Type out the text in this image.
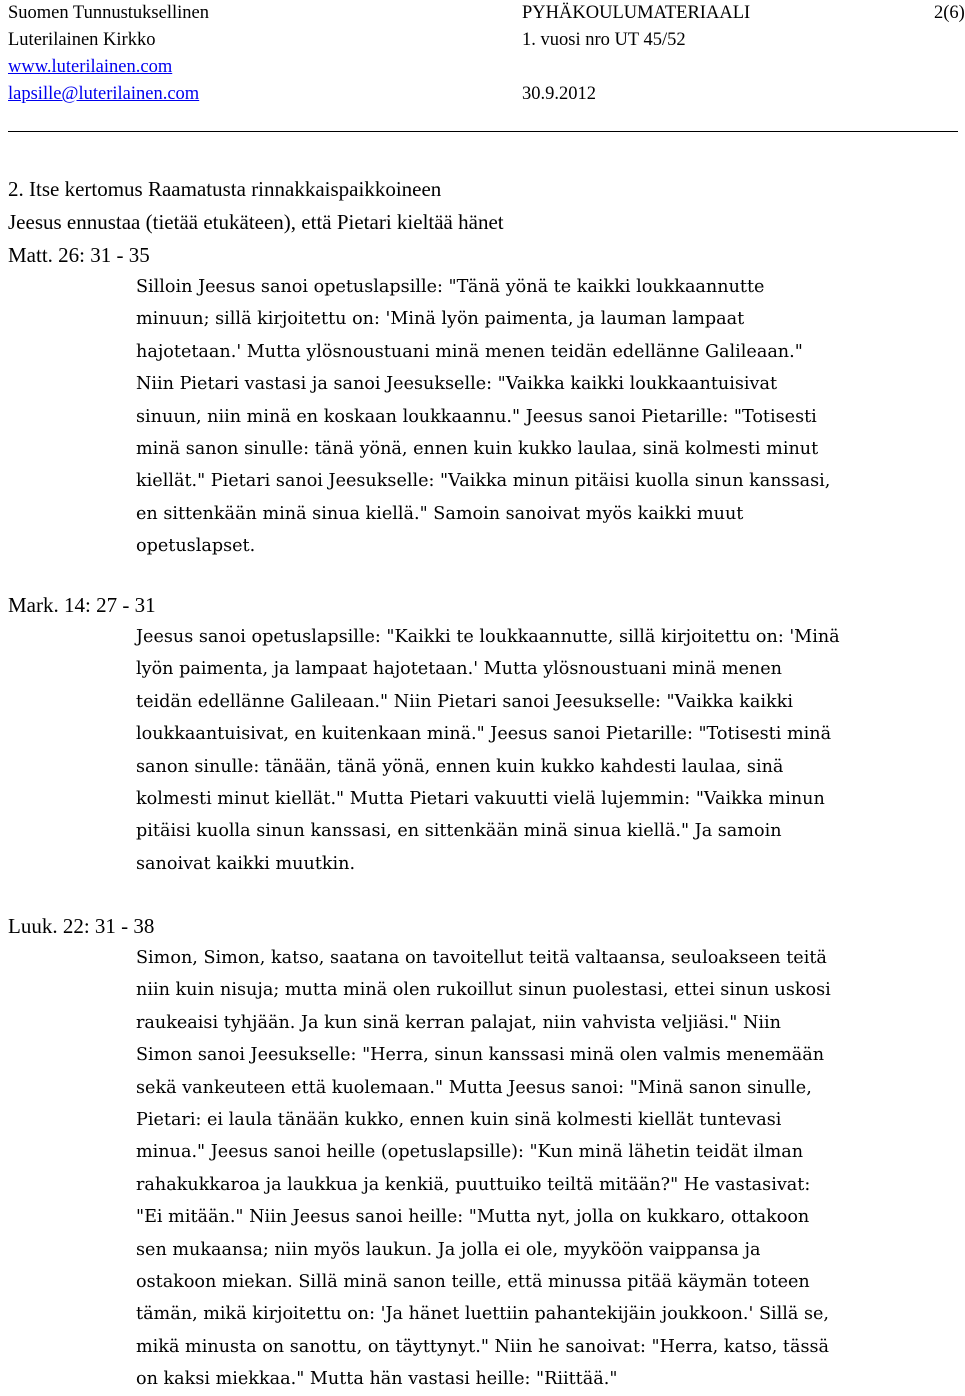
Suomen Tunnustuksellinen	PYHÄKOULUMATERIAALI	2(6)
Luterilainen Kirkko	1. vuosi nro UT 45/52
www.luterilainen.com
lapsille@luterilainen.com	30.9.2012
2. Itse kertomus Raamatusta rinnakkaispaikkoineen
Jeesus ennustaa (tietää etukäteen), että Pietari kieltää hänet
Matt. 26: 31 - 35
Silloin Jeesus sanoi opetuslapsille: "Tänä yönä te kaikki loukkaannutte
minuun; sillä kirjoitettu on: 'Minä lyön paimenta, ja lauman lampaat
hajotetaan.' Mutta ylösnoustuani minä menen teidän edellänne Galileaan."
Niin Pietari vastasi ja sanoi Jeesukselle: "Vaikka kaikki loukkaantuisivat
sinuun, niin minä en koskaan loukkaannu." Jeesus sanoi Pietarille: "Totisesti
minä sanon sinulle: tänä yönä, ennen kuin kukko laulaa, sinä kolmesti minut
kiellät." Pietari sanoi Jeesukselle: "Vaikka minun pitäisi kuolla sinun kanssasi,
en sittenkään minä sinua kiellä." Samoin sanoivat myös kaikki muut
opetuslapset.
Mark. 14: 27 - 31
Jeesus sanoi opetuslapsille: "Kaikki te loukkaannutte, sillä kirjoitettu on: 'Minä
lyön paimenta, ja lampaat hajotetaan.' Mutta ylösnoustuani minä menen
teidän edellänne Galileaan." Niin Pietari sanoi Jeesukselle: "Vaikka kaikki
loukkaantuisivat, en kuitenkaan minä." Jeesus sanoi Pietarille: "Totisesti minä
sanon sinulle: tänään, tänä yönä, ennen kuin kukko kahdesti laulaa, sinä
kolmesti minut kiellät." Mutta Pietari vakuutti vielä lujemmin: "Vaikka minun
pitäisi kuolla sinun kanssasi, en sittenkään minä sinua kiellä." Ja samoin
sanoivat kaikki muutkin.
Luuk. 22: 31 - 38
Simon, Simon, katso, saatana on tavoitellut teitä valtaansa, seuloakseen teitä
niin kuin nisuja; mutta minä olen rukoillut sinun puolestasi, ettei sinun uskosi
raukeaisi tyhjään. Ja kun sinä kerran palajat, niin vahvista veljiäsi." Niin
Simon sanoi Jeesukselle: "Herra, sinun kanssasi minä olen valmis menemään
sekä vankeuteen että kuolemaan." Mutta Jeesus sanoi: "Minä sanon sinulle,
Pietari: ei laula tänään kukko, ennen kuin sinä kolmesti kiellät tuntevasi
minua." Jeesus sanoi heille (opetuslapsille): "Kun minä lähetin teidät ilman
rahakukkaroa ja laukkua ja kenkiä, puuttuiko teiltä mitään?" He vastasivat:
"Ei mitään." Niin Jeesus sanoi heille: "Mutta nyt, jolla on kukkaro, ottakoon
sen mukaansa; niin myös laukun. Ja jolla ei ole, myyköön vaippansa ja
ostakoon miekan. Sillä minä sanon teille, että minussa pitää käymän toteen
tämän, mikä kirjoitettu on: 'Ja hänet luettiin pahantekijäin joukkoon.' Sillä se,
mikä minusta on sanottu, on täyttynyt." Niin he sanoivat: "Herra, katso, tässä
on kaksi miekkaa." Mutta hän vastasi heille: "Riittää."
